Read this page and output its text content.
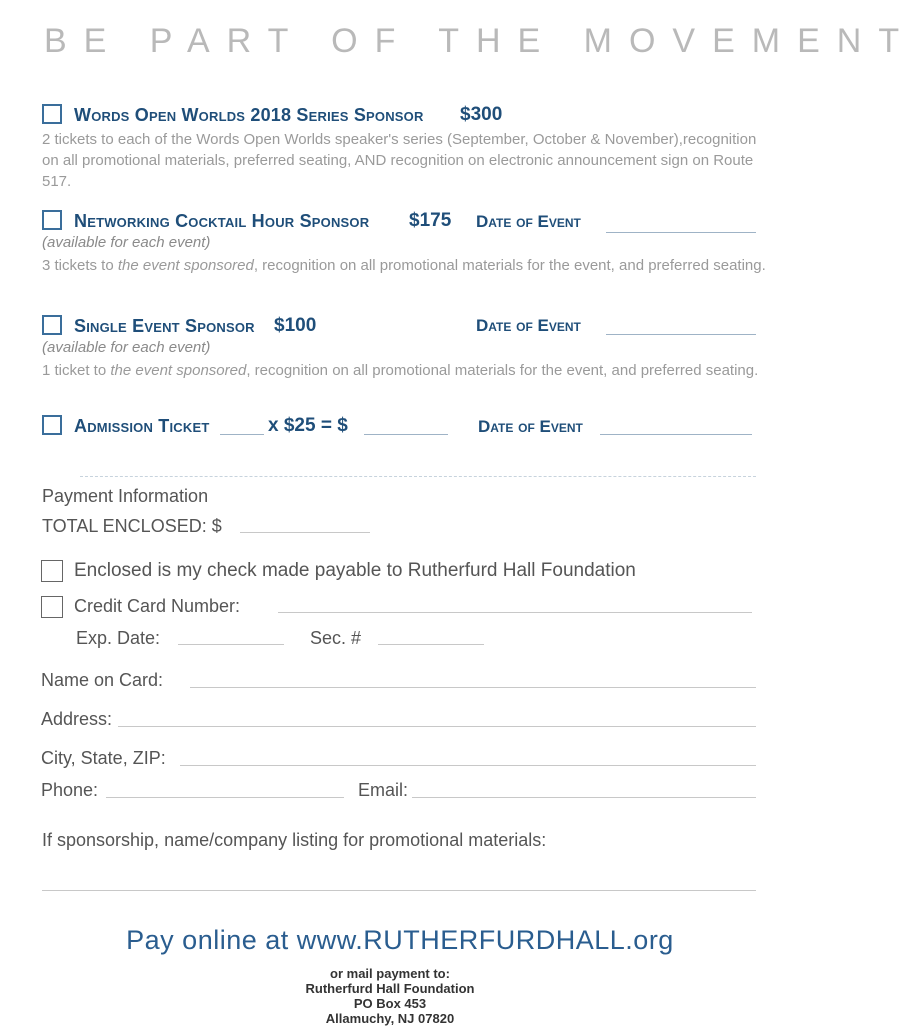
BE PART OF THE MOVEMENT
Words Open Worlds 2018 Series Sponsor $300
2 tickets to each of the Words Open Worlds speaker's series (September, October & November),recognition on all promotional materials, preferred seating, AND recognition on electronic announcement sign on Route 517.
Networking Cocktail Hour Sponsor $175 Date of Event
(available for each event)
3 tickets to the event sponsored, recognition on all promotional materials for the event, and preferred seating.
Single Event Sponsor $100	Date of Event
(available for each event)
1 ticket to the event sponsored, recognition on all promotional materials for the event, and preferred seating.
Admission Ticket	x $25 = $	Date of Event
Payment Information
TOTAL ENCLOSED: $
Enclosed is my check made payable to Rutherfurd Hall Foundation
Credit Card Number:
Exp. Date:	Sec. #
Name on Card:
Address:
City, State, ZIP:
Phone:	Email:
If sponsorship, name/company listing for promotional materials:
Pay online at www.RUTHERFURDHALL.org
or mail payment to:
Rutherfurd Hall Foundation
PO Box 453
Allamuchy, NJ 07820
